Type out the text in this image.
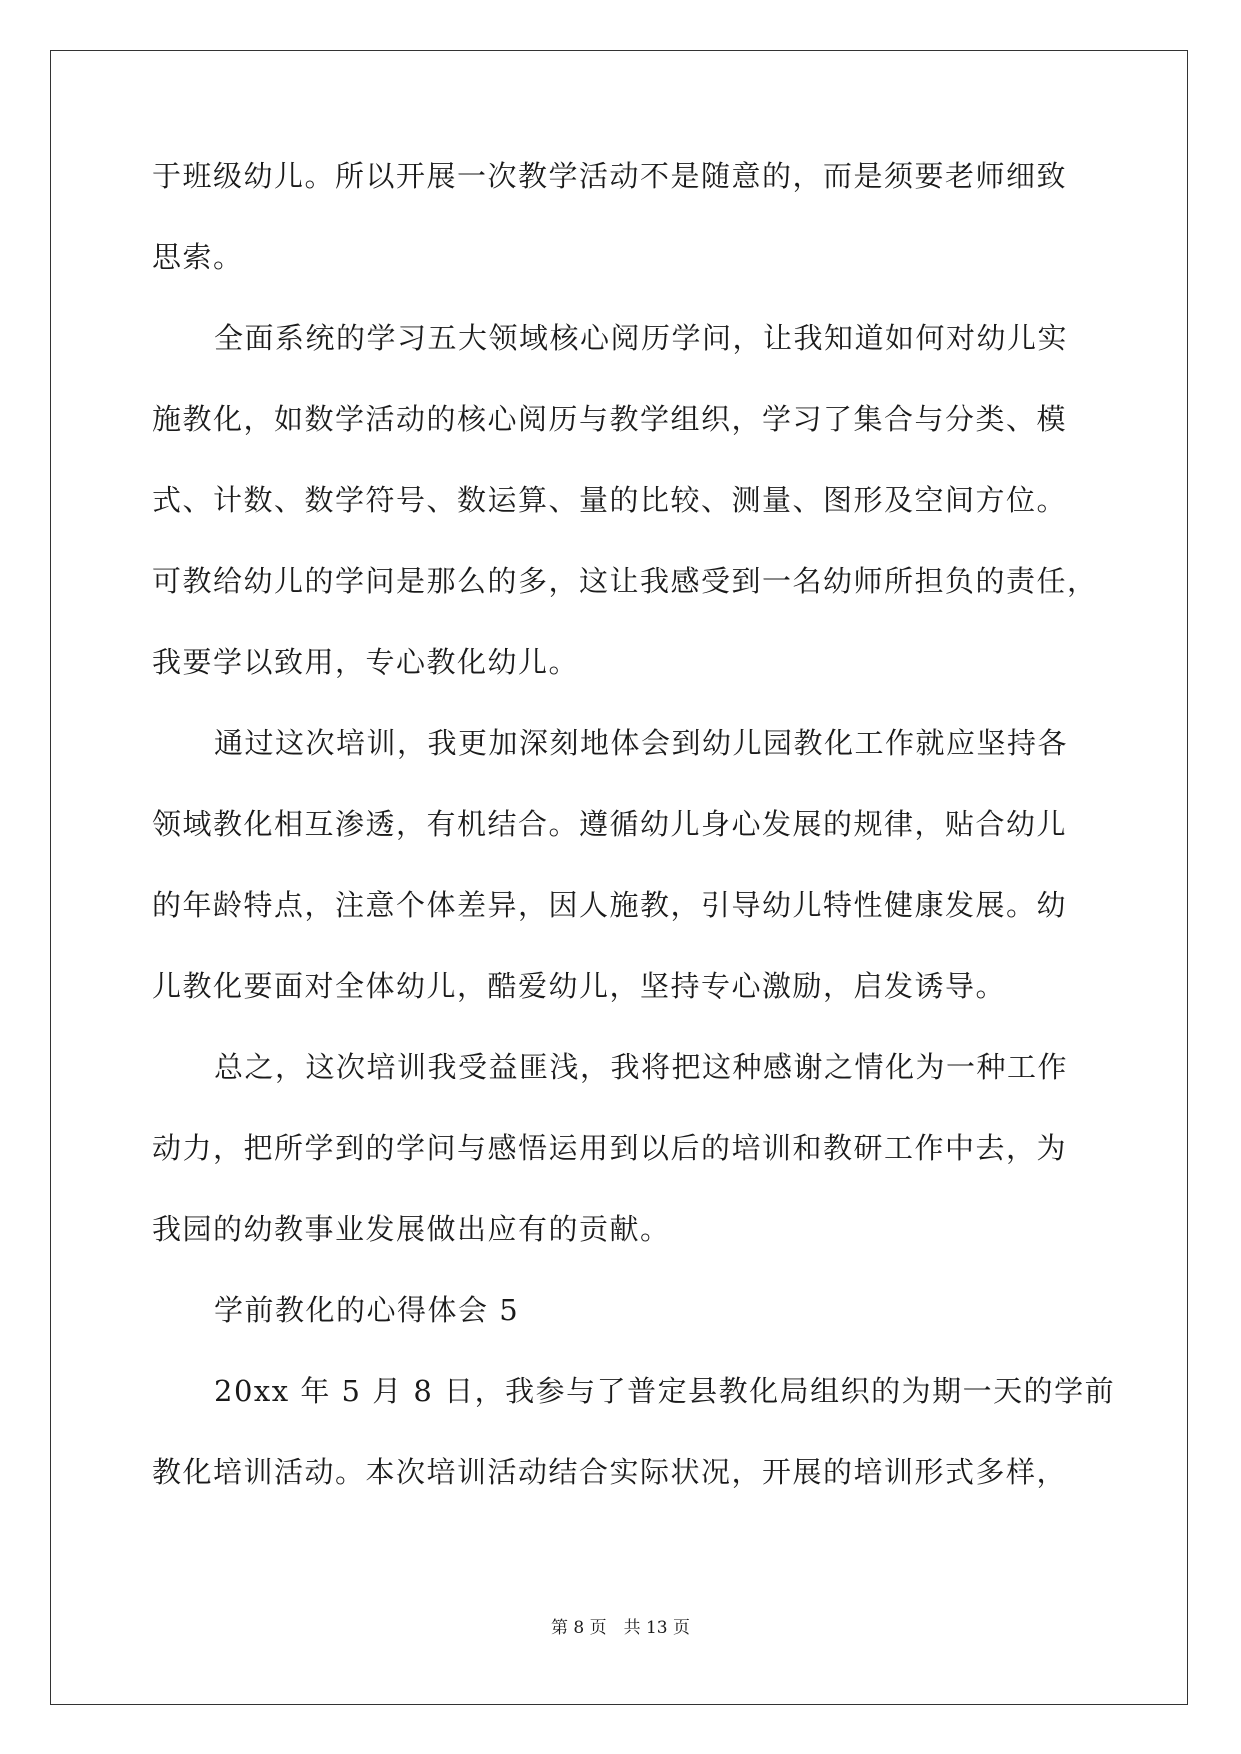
于班级幼儿。所以开展一次教学活动不是随意的，而是须要老师细致
思索。
全面系统的学习五大领域核心阅历学问，让我知道如何对幼儿实
施教化，如数学活动的核心阅历与教学组织，学习了集合与分类、模
式、计数、数学符号、数运算、量的比较、测量、图形及空间方位。
可教给幼儿的学问是那么的多，这让我感受到一名幼师所担负的责任，
我要学以致用，专心教化幼儿。
通过这次培训，我更加深刻地体会到幼儿园教化工作就应坚持各
领域教化相互渗透，有机结合。遵循幼儿身心发展的规律，贴合幼儿
的年龄特点，注意个体差异，因人施教，引导幼儿特性健康发展。幼
儿教化要面对全体幼儿，酷爱幼儿，坚持专心激励，启发诱导。
总之，这次培训我受益匪浅，我将把这种感谢之情化为一种工作
动力，把所学到的学问与感悟运用到以后的培训和教研工作中去，为
我园的幼教事业发展做出应有的贡献。
学前教化的心得体会 5
20xx 年 5 月 8 日，我参与了普定县教化局组织的为期一天的学前
教化培训活动。本次培训活动结合实际状况，开展的培训形式多样，
第 8 页　共 13 页
